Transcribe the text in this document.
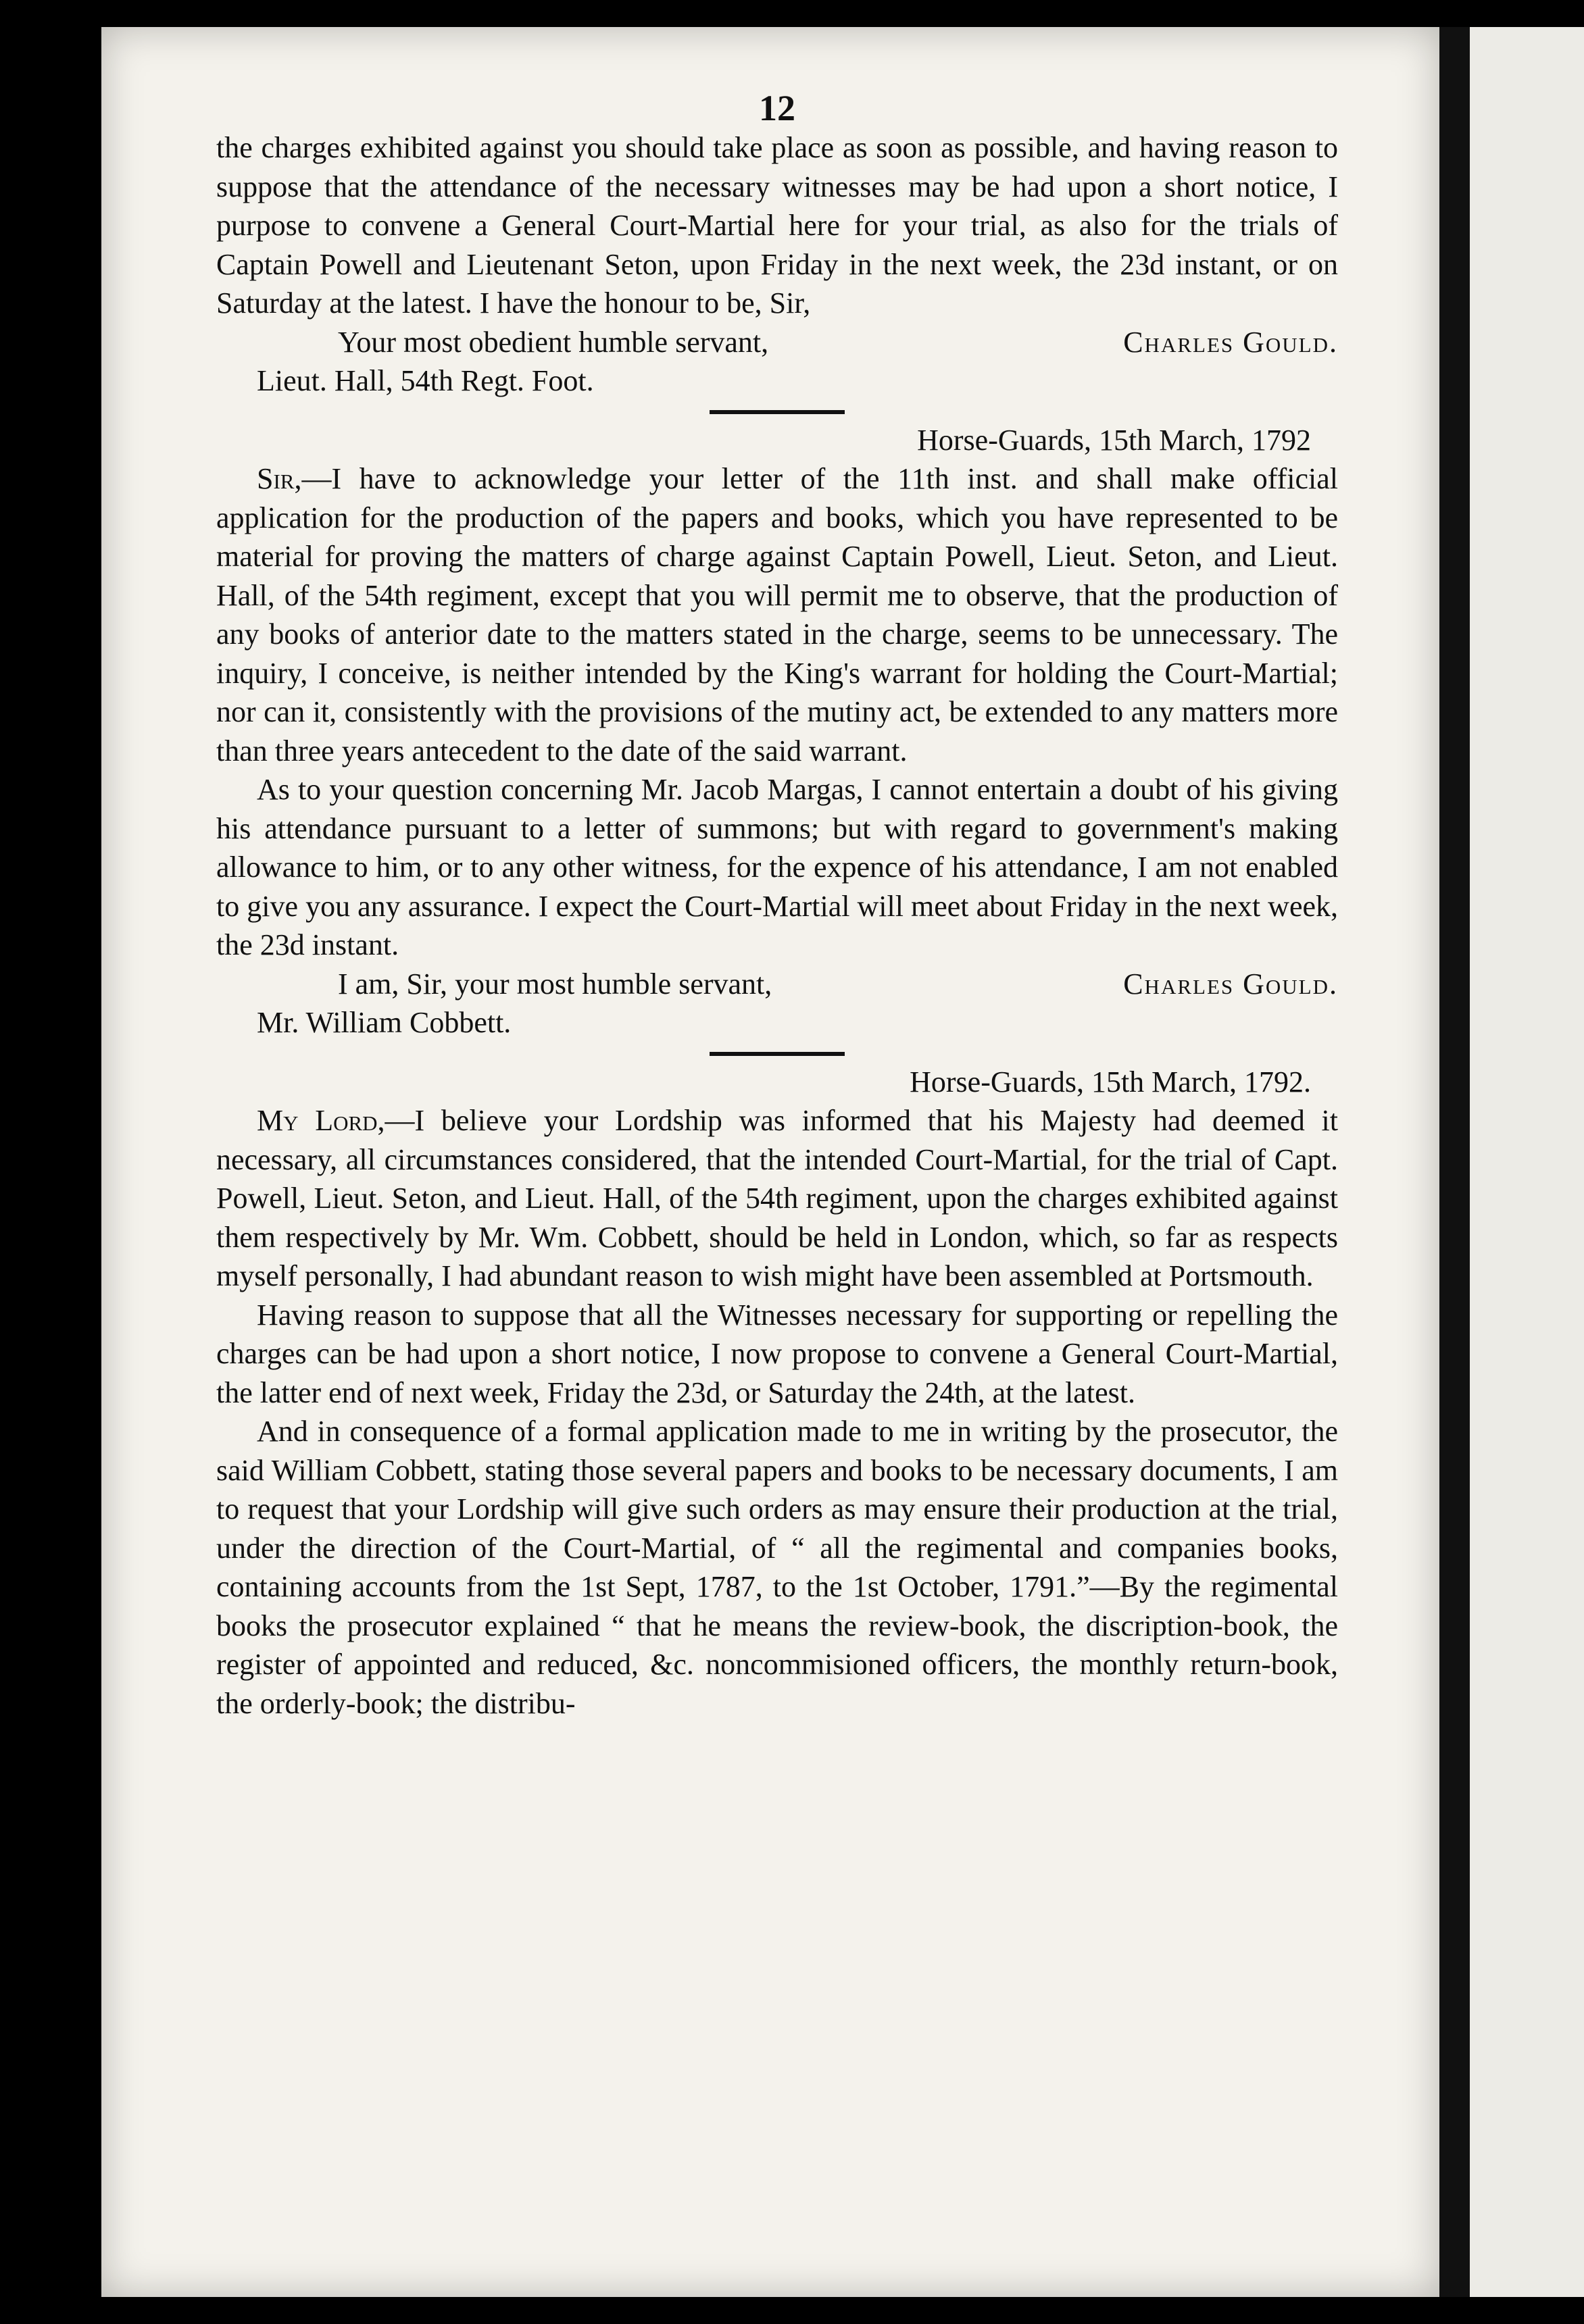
12

the charges exhibited against you should take place as soon as possible, and having reason to suppose that the attendance of the necessary witnesses may be had upon a short notice, I purpose to convene a General Court-Martial here for your trial, as also for the trials of Captain Powell and Lieutenant Seton, upon Friday in the next week, the 23d instant, or on Saturday at the latest. I have the honour to be, Sir,

Your most obedient humble servant,	Charles Gould.

Lieut. Hall, 54th Regt. Foot.

Horse-Guards, 15th March, 1792

Sir,—I have to acknowledge your letter of the 11th inst. and shall make official application for the production of the papers and books, which you have represented to be material for proving the matters of charge against Captain Powell, Lieut. Seton, and Lieut. Hall, of the 54th regiment, except that you will permit me to observe, that the production of any books of anterior date to the matters stated in the charge, seems to be unnecessary. The inquiry, I conceive, is neither intended by the King's warrant for holding the Court-Martial; nor can it, consistently with the provisions of the mutiny act, be extended to any matters more than three years antecedent to the date of the said warrant.

As to your question concerning Mr. Jacob Margas, I cannot entertain a doubt of his giving his attendance pursuant to a letter of summons; but with regard to government's making allowance to him, or to any other witness, for the expence of his attendance, I am not enabled to give you any assurance. I expect the Court-Martial will meet about Friday in the next week, the 23d instant.

I am, Sir, your most humble servant,	Charles Gould.

Mr. William Cobbett.

Horse-Guards, 15th March, 1792.

My Lord,—I believe your Lordship was informed that his Majesty had deemed it necessary, all circumstances considered, that the intended Court-Martial, for the trial of Capt. Powell, Lieut. Seton, and Lieut. Hall, of the 54th regiment, upon the charges exhibited against them respectively by Mr. Wm. Cobbett, should be held in London, which, so far as respects myself personally, I had abundant reason to wish might have been assembled at Portsmouth.

Having reason to suppose that all the Witnesses necessary for supporting or repelling the charges can be had upon a short notice, I now propose to convene a General Court-Martial, the latter end of next week, Friday the 23d, or Saturday the 24th, at the latest.

And in consequence of a formal application made to me in writing by the prosecutor, the said William Cobbett, stating those several papers and books to be necessary documents, I am to request that your Lordship will give such orders as may ensure their production at the trial, under the direction of the Court-Martial, of “ all the regimental and companies books, containing accounts from the 1st Sept, 1787, to the 1st October, 1791.”—By the regimental books the prosecutor explained “ that he means the review-book, the discription-book, the register of appointed and reduced, &c. noncommisioned officers, the monthly return-book, the orderly-book; the distribu-
